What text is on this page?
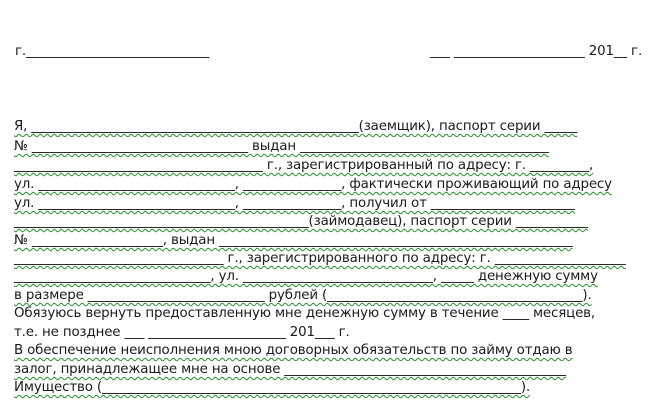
г.____________________________	___ ____________________ 201__ г.
Я, __________________________________________________(заемщик), паспорт серии _____
№ _________________________________ выдан ______________________________________
______________________________________ г., зарегистрированный по адресу: г. _________,
ул. ______________________________, _______________, фактически проживающий по адресу
ул. ______________________________, _______________, получил от ______________________
_____________________________________________(займодавец), паспорт серии ___________
№ ____________________, выдан ______________________________________________________
________________________________ г., зарегистрированного по адресу: г. ____________________
______________________________, ул. _____________________________, _____ денежную сумму
в размере ___________________________ рублей (_______________________________________).
Обязуюсь вернуть предоставленную мне денежную сумму в течение ____ месяцев,
т.е. не позднее ___ _____________________ 201___ г.
В обеспечение неисполнения мною договорных обязательств по займу отдаю в
залог, принадлежащее мне на основе ___________________________________________
Имущество (________________________________________________________________).
